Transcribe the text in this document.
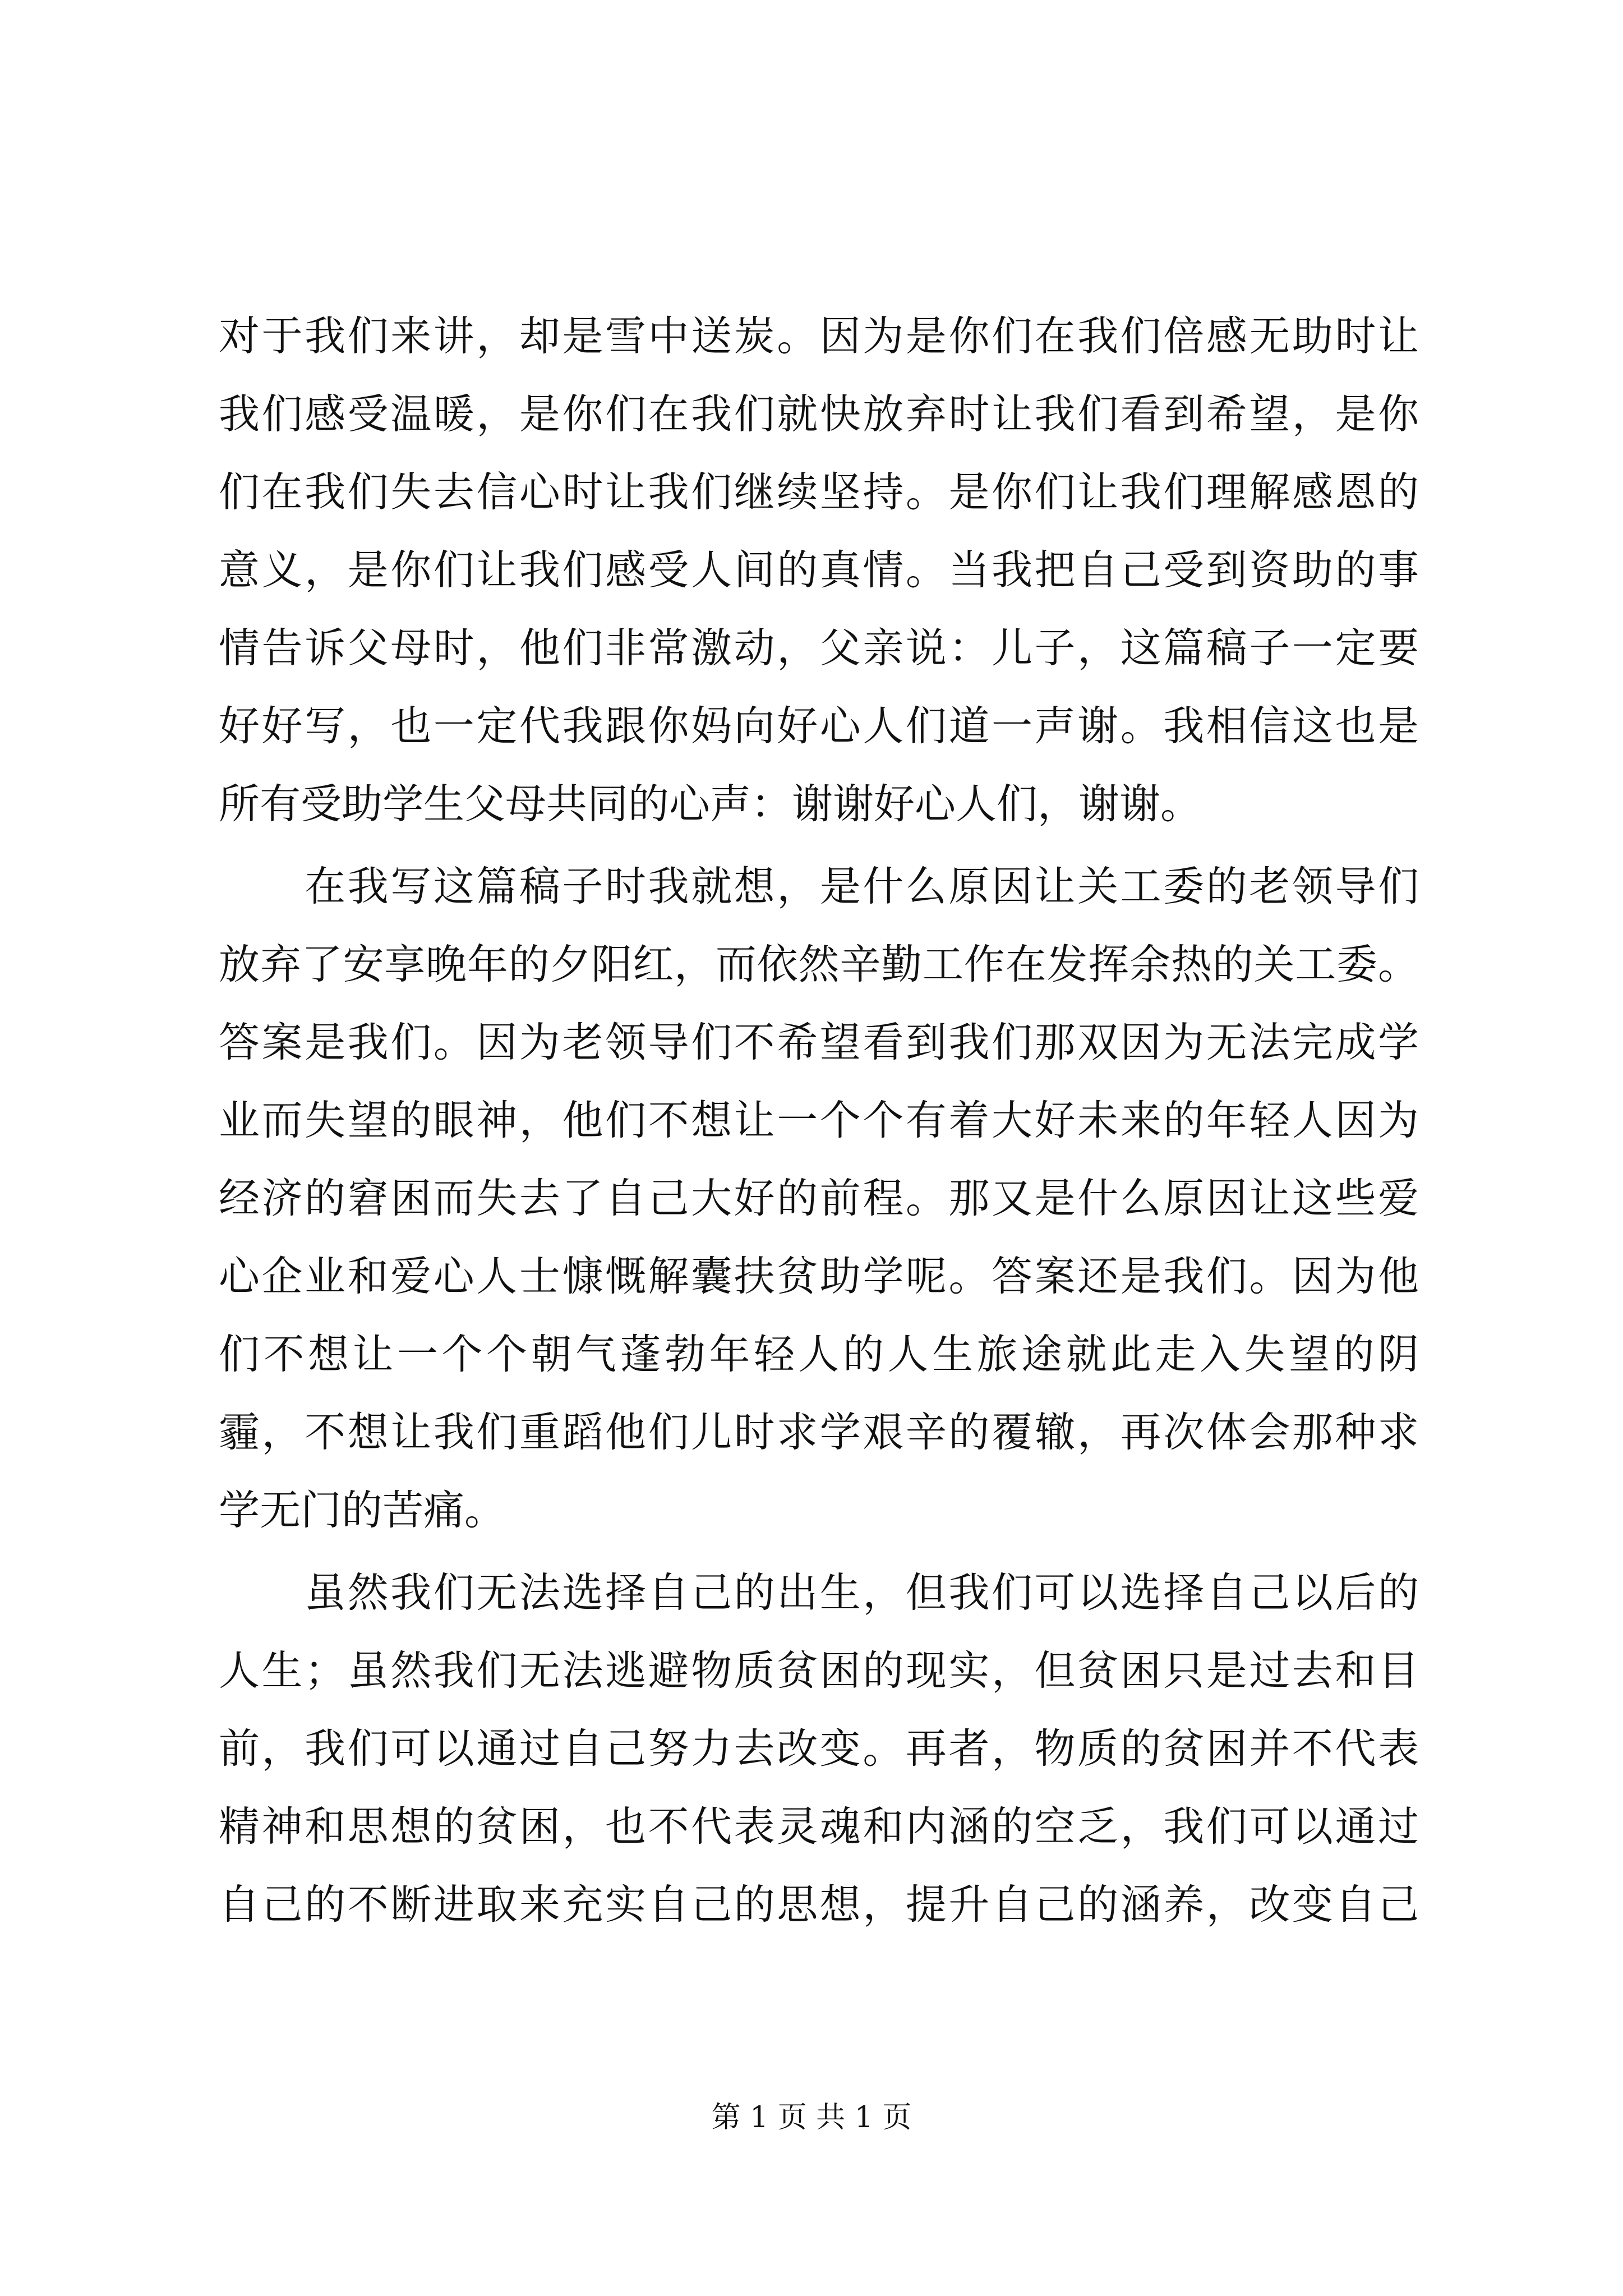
对于我们来讲，却是雪中送炭。因为是你们在我们倍感无助时让
我们感受温暖，是你们在我们就快放弃时让我们看到希望，是你
们在我们失去信心时让我们继续坚持。是你们让我们理解感恩的
意义，是你们让我们感受人间的真情。当我把自己受到资助的事
情告诉父母时，他们非常激动，父亲说：儿子，这篇稿子一定要
好好写，也一定代我跟你妈向好心人们道一声谢。我相信这也是
所有受助学生父母共同的心声：谢谢好心人们，谢谢。
　　在我写这篇稿子时我就想，是什么原因让关工委的老领导们
放弃了安享晚年的夕阳红，而依然辛勤工作在发挥余热的关工委。
答案是我们。因为老领导们不希望看到我们那双因为无法完成学
业而失望的眼神，他们不想让一个个有着大好未来的年轻人因为
经济的窘困而失去了自己大好的前程。那又是什么原因让这些爱
心企业和爱心人士慷慨解囊扶贫助学呢。答案还是我们。因为他
们不想让一个个朝气蓬勃年轻人的人生旅途就此走入失望的阴
霾，不想让我们重蹈他们儿时求学艰辛的覆辙，再次体会那种求
学无门的苦痛。
　　虽然我们无法选择自己的出生，但我们可以选择自己以后的
人生；虽然我们无法逃避物质贫困的现实，但贫困只是过去和目
前，我们可以通过自己努力去改变。再者，物质的贫困并不代表
精神和思想的贫困，也不代表灵魂和内涵的空乏，我们可以通过
自己的不断进取来充实自己的思想，提升自己的涵养，改变自己
第 1 页 共 1 页
